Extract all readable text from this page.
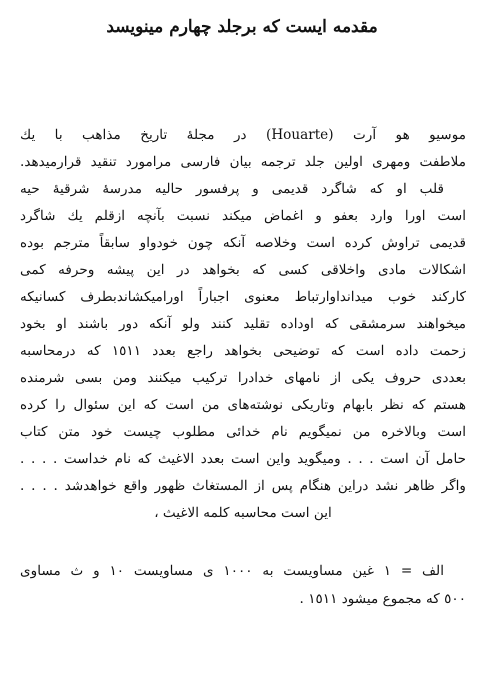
مقدمه ایست که برجلد چهارم مینویسد
موسیو هو آرت (Houarte) در مجلهٔ تاریخ مذاهب با یك
ملاطفت ومهری اولین جلد ترجمه بیان فارسی مرامورد تنقید قرارمیدهد.
قلب او که شاگرد قدیمی و پرفسور حالیه مدرسهٔ شرقیهٔ حیه
است اورا وارد بعفو و اغماض میکند نسبت بآنچه ازقلم یك شاگرد
قدیمی تراوش کرده است وخلاصه آنکه چون خودواو سابقاً مترجم بوده
اشکالات مادی واخلاقی کسی که بخواهد در این پیشه وحرفه کمی
کارکند خوب میدانداوارتباط معنوی اجباراً اورامیکشاندبطرف کسانیکه
میخواهند سرمشقی که اوداده تقلید کنند ولو آنکه دور باشند او بخود
زحمت داده است که توضیحی بخواهد راجع بعدد ١٥١١ که درمحاسبه
بعددی حروف یکی از نامهای خدادرا ترکیب میکنند ومن بسی شرمنده
هستم که نظر بابهام وتاریکی نوشته‌های من است که این سئوال را کرده
است وبالاخره من نمیگویم نام خدائی مطلوب چیست خود متن کتاب
حامل آن است . . . ومیگوید واین است بعدد الاغیث که نام خداست . . . .
واگر ظاهر نشد دراین هنگام پس از المستغاث ظهور واقع خواهدشد . . . .
این است محاسبه کلمه الاغیث ،
الف = ١ غین مساویست به ١٠٠٠ ی مساویست ١٠ و ث مساوی
٥٠٠ که مجموع میشود ١٥١١ .
